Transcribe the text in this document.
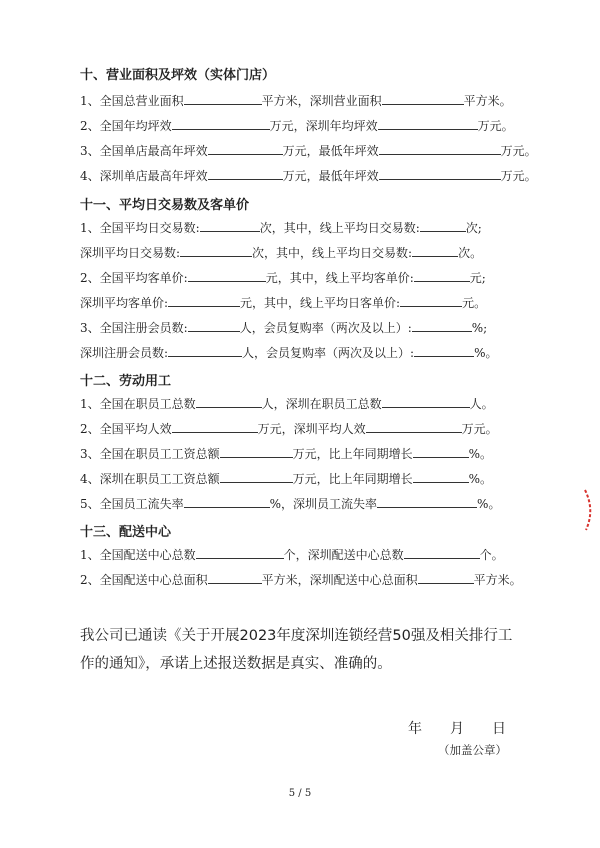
十、营业面积及坪效（实体门店）
1、全国总营业面积	平方米，深圳营业面积	平方米。
2、全国年均坪效	万元，深圳年均坪效	万元。
3、全国单店最高年坪效	万元，最低年坪效	万元。
4、深圳单店最高年坪效	万元，最低年坪效	万元。
十一、平均日交易数及客单价
1、全国平均日交易数:	次，其中，线上平均日交易数:	次;
深圳平均日交易数:	次，其中，线上平均日交易数:	次。
2、全国平均客单价:	元，其中，线上平均客单价:	元;
深圳平均客单价:	元，其中，线上平均日客单价:	元。
3、全国注册会员数:	人，会员复购率（两次及以上）:	%;
深圳注册会员数:	人，会员复购率（两次及以上）:	%。
十二、劳动用工
1、全国在职员工总数	人，深圳在职员工总数	人。
2、全国平均人效	万元，深圳平均人效	万元。
3、全国在职员工工资总额	万元，比上年同期增长	%。
4、深圳在职员工工资总额	万元，比上年同期增长	%。
5、全国员工流失率	%，深圳员工流失率	%。
十三、配送中心
1、全国配送中心总数	个，深圳配送中心总数	个。
2、全国配送中心总面积	平方米，深圳配送中心总面积	平方米。
我公司已通读《关于开展2023年度深圳连锁经营50强及相关排行工作的通知》，承诺上述报送数据是真实、准确的。
年 月 日
（加盖公章）
5 / 5
